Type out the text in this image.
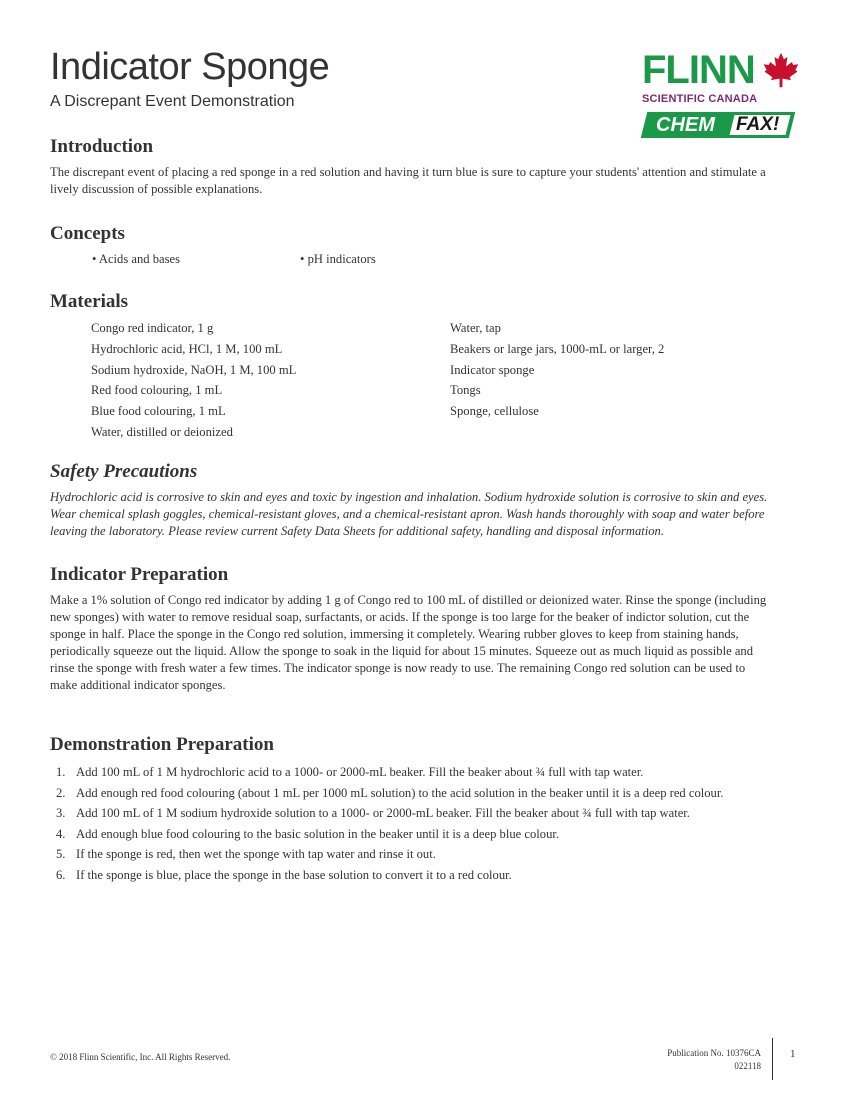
Indicator Sponge
A Discrepant Event Demonstration
FLINN
SCIENTIFIC CANADA
CHEM FAX!
Introduction

The discrepant event of placing a red sponge in a red solution and having it turn blue is sure to capture your students' attention and stimulate a lively discussion of possible explanations.

Concepts
• Acids and bases	• pH indicators
Materials
Congo red indicator, 1 g
Hydrochloric acid, HCl, 1 M, 100 mL
Sodium hydroxide, NaOH, 1 M, 100 mL
Red food colouring, 1 mL
Blue food colouring, 1 mL
Water, distilled or deionized
Water, tap
Beakers or large jars, 1000-mL or larger, 2
Indicator sponge
Tongs
Sponge, cellulose
Safety Precautions

Hydrochloric acid is corrosive to skin and eyes and toxic by ingestion and inhalation. Sodium hydroxide solution is corrosive to skin and eyes. Wear chemical splash goggles, chemical-resistant gloves, and a chemical-resistant apron. Wash hands thoroughly with soap and water before leaving the laboratory. Please review current Safety Data Sheets for additional safety, handling and disposal information.

Indicator Preparation

Make a 1% solution of Congo red indicator by adding 1 g of Congo red to 100 mL of distilled or deionized water. Rinse the sponge (including new sponges) with water to remove residual soap, surfactants, or acids. If the sponge is too large for the beaker of indictor solution, cut the sponge in half. Place the sponge in the Congo red solution, immersing it completely. Wearing rubber gloves to keep from staining hands, periodically squeeze out the liquid. Allow the sponge to soak in the liquid for about 15 minutes. Squeeze out as much liquid as possible and rinse the sponge with fresh water a few times. The indicator sponge is now ready to use. The remaining Congo red solution can be used to make additional indicator sponges.

Demonstration Preparation
1. Add 100 mL of 1 M hydrochloric acid to a 1000- or 2000-mL beaker. Fill the beaker about ¾ full with tap water.
2. Add enough red food colouring (about 1 mL per 1000 mL solution) to the acid solution in the beaker until it is a deep red colour.
3. Add 100 mL of 1 M sodium hydroxide solution to a 1000- or 2000-mL beaker. Fill the beaker about ¾ full with tap water.
4. Add enough blue food colouring to the basic solution in the beaker until it is a deep blue colour.
5. If the sponge is red, then wet the sponge with tap water and rinse it out.
6. If the sponge is blue, place the sponge in the base solution to convert it to a red colour.
© 2018 Flinn Scientific, Inc. All Rights Reserved.	Publication No. 10376CA
022118
1
